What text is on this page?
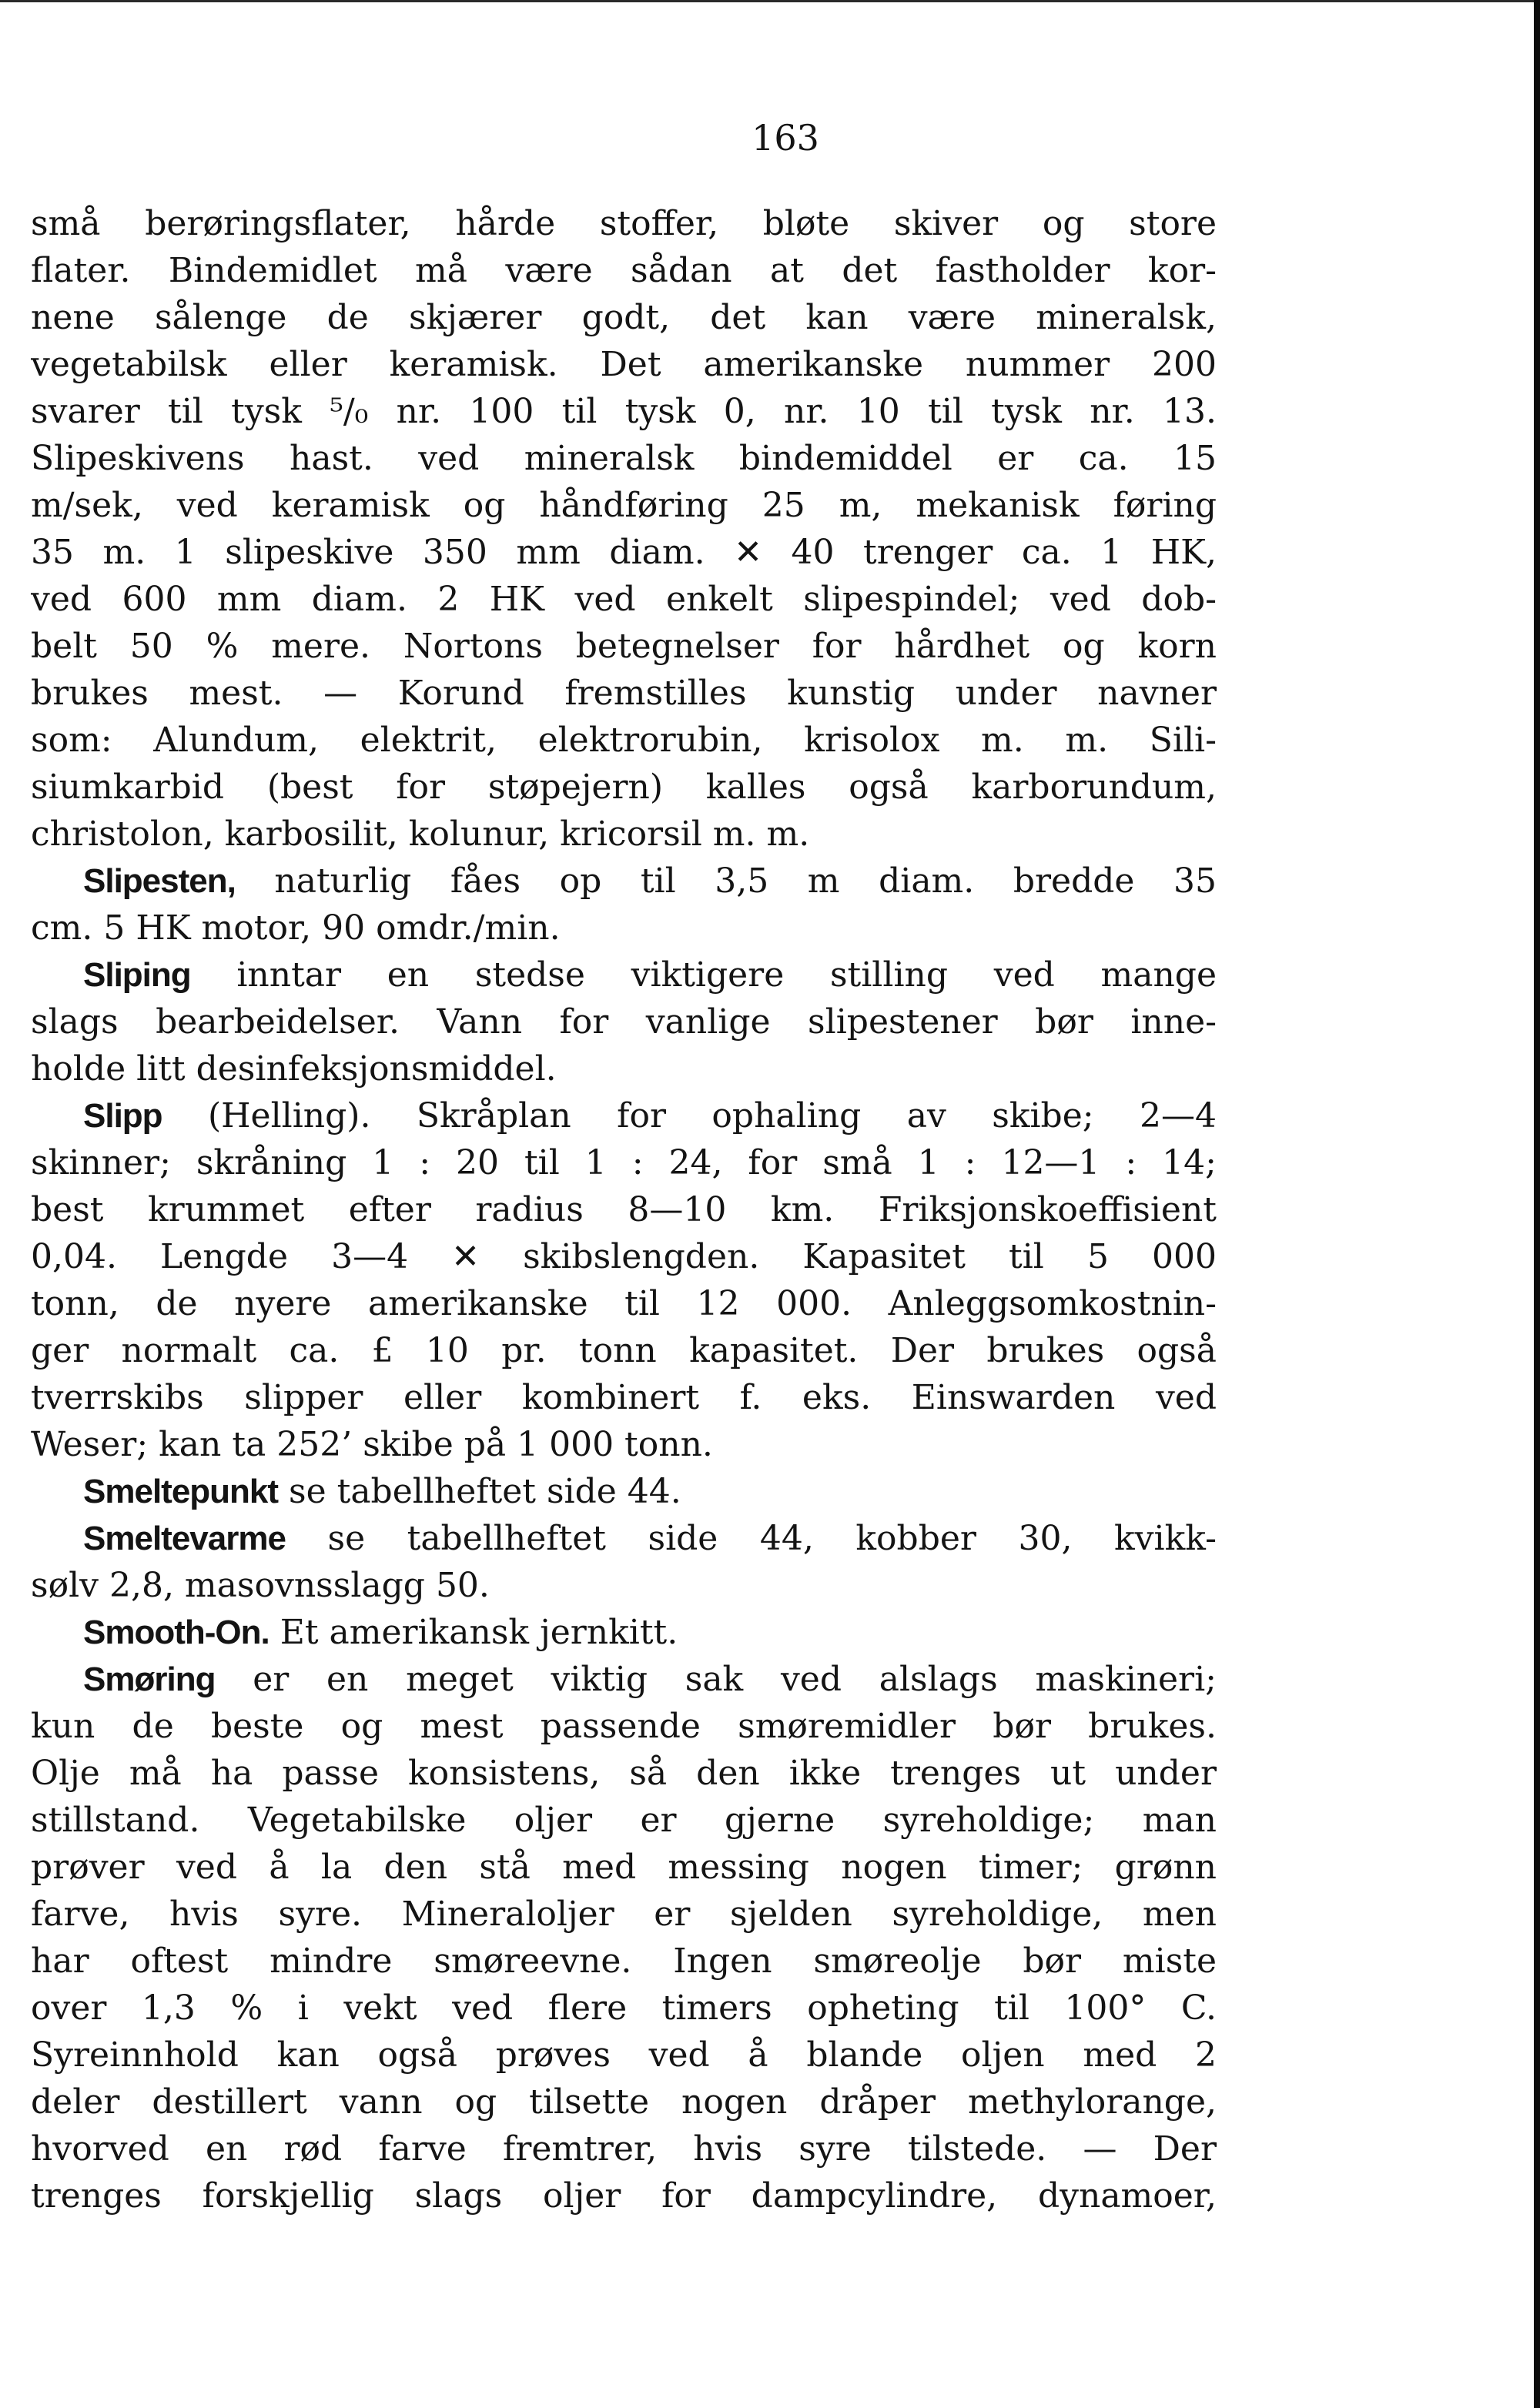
163
små berøringsflater, hårde stoffer, bløte skiver og store
flater. Bindemidlet må være sådan at det fastholder kor-
nene sålenge de skjærer godt, det kan være mineralsk,
vegetabilsk eller keramisk. Det amerikanske nummer 200
svarer til tysk ⁵/₀ nr. 100 til tysk 0, nr. 10 til tysk nr. 13.
Slipeskivens hast. ved mineralsk bindemiddel er ca. 15
m/sek, ved keramisk og håndføring 25 m, mekanisk føring
35 m. 1 slipeskive 350 mm diam. ✕ 40 trenger ca. 1 HK,
ved 600 mm diam. 2 HK ved enkelt slipespindel; ved dob-
belt 50 % mere. Nortons betegnelser for hårdhet og korn
brukes mest. — Korund fremstilles kunstig under navner
som: Alundum, elektrit, elektrorubin, krisolox m. m. Sili-
siumkarbid (best for støpejern) kalles også karborundum,
christolon, karbosilit, kolunur, kricorsil m. m.
Slipesten, naturlig fåes op til 3,5 m diam. bredde 35
cm. 5 HK motor, 90 omdr./min.
Sliping inntar en stedse viktigere stilling ved mange
slags bearbeidelser. Vann for vanlige slipestener bør inne-
holde litt desinfeksjonsmiddel.
Slipp (Helling). Skråplan for ophaling av skibe; 2—4
skinner; skråning 1 : 20 til 1 : 24, for små 1 : 12—1 : 14;
best krummet efter radius 8—10 km. Friksjonskoeffisient
0,04. Lengde 3—4 ✕ skibslengden. Kapasitet til 5 000
tonn, de nyere amerikanske til 12 000. Anleggsomkostnin-
ger normalt ca. £ 10 pr. tonn kapasitet. Der brukes også
tverrskibs slipper eller kombinert f. eks. Einswarden ved
Weser; kan ta 252’ skibe på 1 000 tonn.
Smeltepunkt se tabellheftet side 44.
Smeltevarme se tabellheftet side 44, kobber 30, kvikk-
sølv 2,8, masovnsslagg 50.
Smooth-On. Et amerikansk jernkitt.
Smøring er en meget viktig sak ved alslags maskineri;
kun de beste og mest passende smøremidler bør brukes.
Olje må ha passe konsistens, så den ikke trenges ut under
stillstand. Vegetabilske oljer er gjerne syreholdige; man
prøver ved å la den stå med messing nogen timer; grønn
farve, hvis syre. Mineraloljer er sjelden syreholdige, men
har oftest mindre smøreevne. Ingen smøreolje bør miste
over 1,3 % i vekt ved flere timers opheting til 100° C.
Syreinnhold kan også prøves ved å blande oljen med 2
deler destillert vann og tilsette nogen dråper methylorange,
hvorved en rød farve fremtrer, hvis syre tilstede. — Der
trenges forskjellig slags oljer for dampcylindre, dynamoer,
